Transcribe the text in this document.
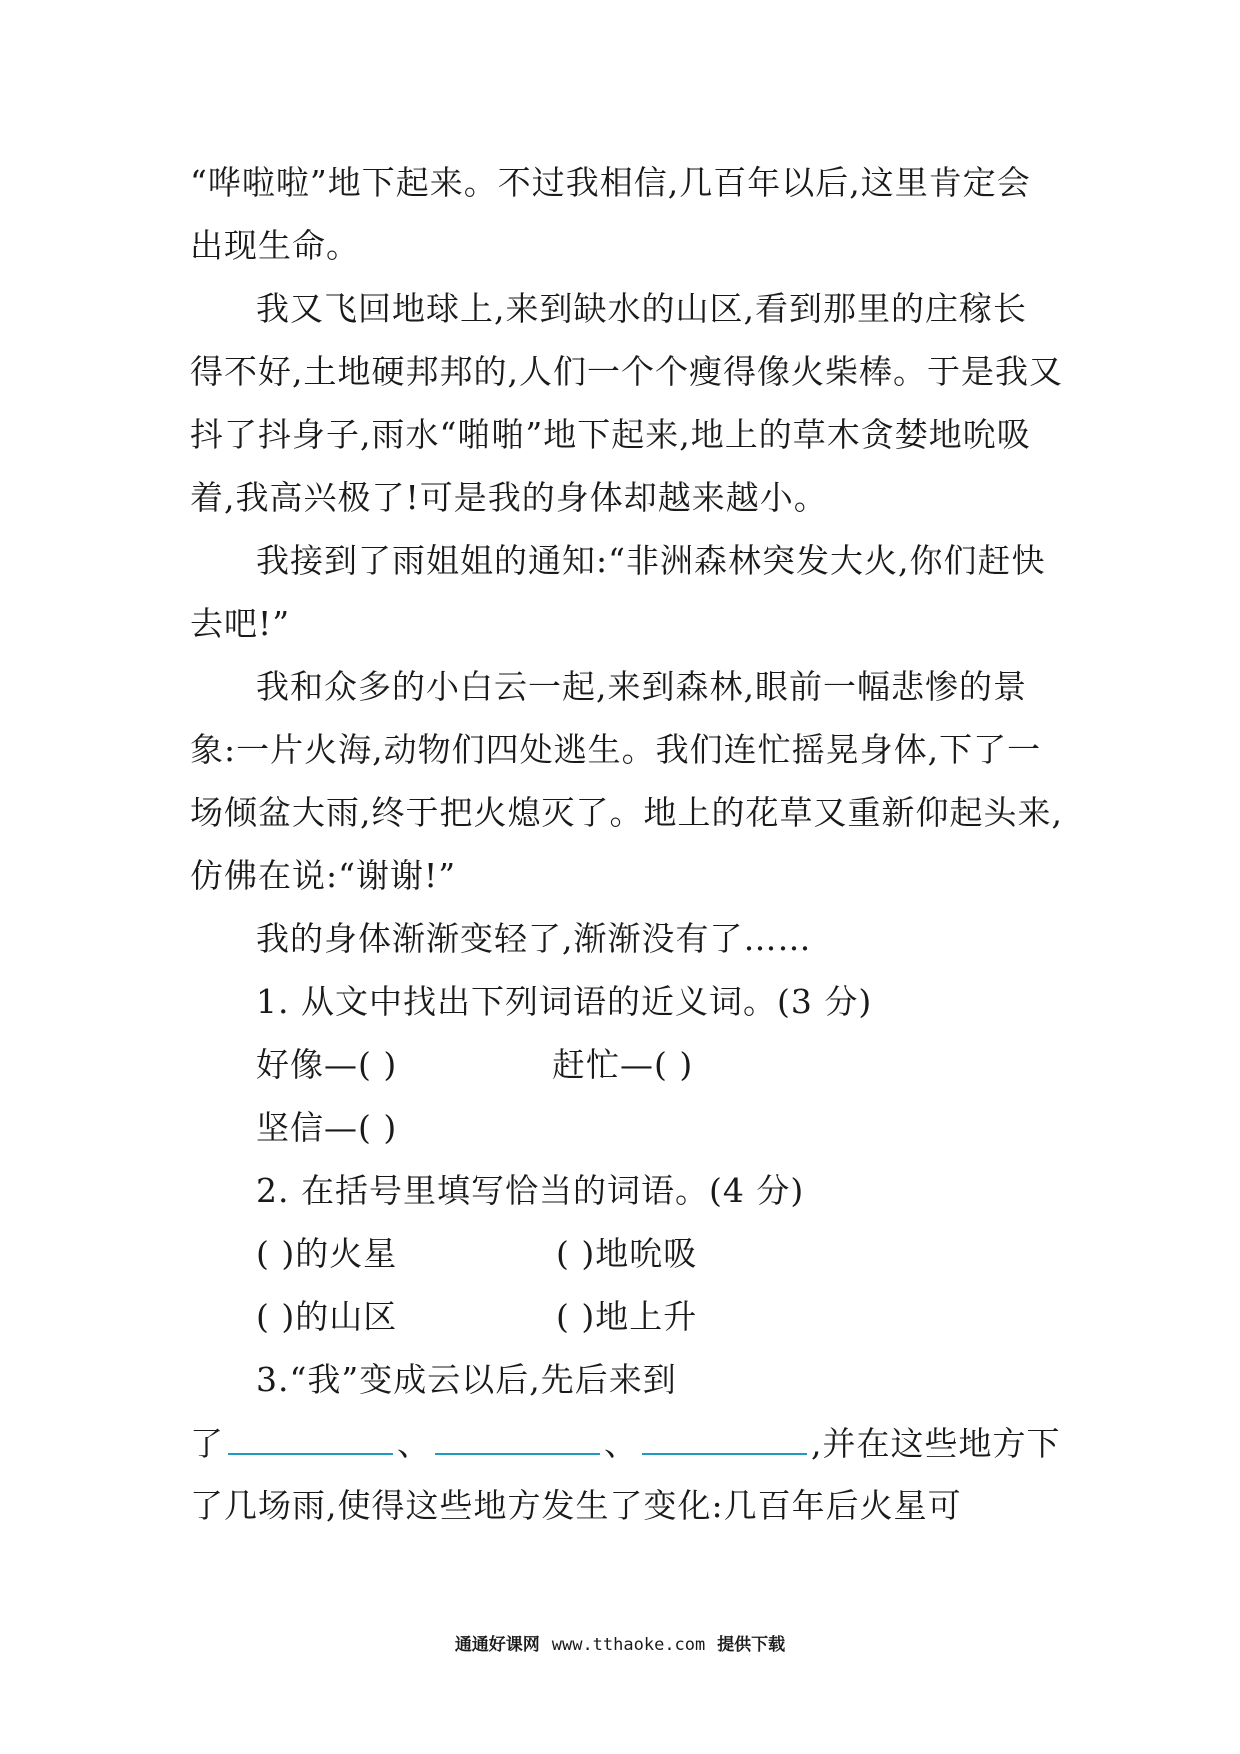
“哗啦啦”地下起来。不过我相信,几百年以后,这里肯定会
出现生命。
我又飞回地球上,来到缺水的山区,看到那里的庄稼长
得不好,土地硬邦邦的,人们一个个瘦得像火柴棒。于是我又
抖了抖身子,雨水“啪啪”地下起来,地上的草木贪婪地吮吸
着,我高兴极了!可是我的身体却越来越小。
我接到了雨姐姐的通知:“非洲森林突发大火,你们赶快
去吧!”
我和众多的小白云一起,来到森林,眼前一幅悲惨的景
象:一片火海,动物们四处逃生。我们连忙摇晃身体,下了一
场倾盆大雨,终于把火熄灭了。地上的花草又重新仰起头来,
仿佛在说:“谢谢!”
我的身体渐渐变轻了,渐渐没有了……
1. 从文中找出下列词语的近义词。(3 分)
好像—( )	赶忙—( )
坚信—( )
2. 在括号里填写恰当的词语。(4 分)
( )的火星	( )地吮吸
( )的山区	( )地上升
3.“我”变成云以后,先后来到
了	、	、	,并在这些地方下
了几场雨,使得这些地方发生了变化:几百年后火星可
通通好课网 www.tthaoke.com 提供下载
